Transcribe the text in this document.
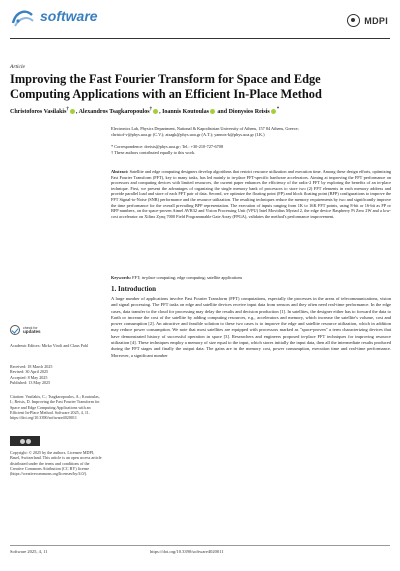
software	MDPI
Article
Improving the Fast Fourier Transform for Space and Edge Computing Applications with an Efficient In-Place Method
Christoforos Vasilakis† , Alexandros Tsagkaropoulos† , Ioannis Koutoulas and Dionysios Reisis *

Electronics Lab, Physics Department, National & Kapodistrian University of Athens, 157 84 Athens, Greece;

christof-v@phys.uoa.gr (C.V.); atsagk@phys.uoa.gr (A.T.); yannos-k@phys.uoa.gr (I.K.)

* Correspondence: dreisis@phys.uoa.gr; Tel.: +30-210-727-6708

† These authors contributed equally to this work.

Abstract: Satellite and edge computing designers develop algorithms that restrict resource utilization and execution time. Among these design efforts, optimizing Fast Fourier Transform (FFT), key to many tasks, has led mainly to in-place FFT-specific hardware accelerators. Aiming at improving the FFT performance on processors and computing devices with limited resources, the current paper enhances the efficiency of the radix-2 FFT by exploring the benefits of an in-place technique. First, we present the advantages of organizing the single memory bank of processors to store two (2) FFT elements in each memory address and provide parallel load and store of each FFT pair of data. Second, we optimize the floating point (FP) and block floating point (BFP) configurations to improve the FFT Signal-to-Noise (SNR) performance and the resource utilization. The resulting techniques reduce the memory requirements by two and significantly improve the time performance for the overall prevailing BFP representation. The execution of inputs ranging from 1K to 16K FFT points, using 8-bit or 16-bit as FP or BFP numbers, on the space-proven Atmel AVR32 and Vision Processing Unit (VPU) Intel Movidius Myriad 2, the edge device Raspberry Pi Zero 2W and a low-cost accelerator on Xilinx Zynq 7000 Field Programmable Gate Array (FPGA), validates the method's performance improvement.
Keywords: FFT; in-place computing; edge computing; satellite applications
1. Introduction
A large number of applications involve Fast Fourier Transform (FFT) computations, especially the processes in the areas of telecommunications, vision and signal processing. The FFT tasks on edge and satellite devices receive input data from sensors and they often need real-time performance. In the edge cases, data transfer to the cloud for processing may delay the results and decision production [1]. In satellites, the designer either has to forward the data to Earth or increase the cost of the satellite by adding computing resources, e.g., accelerators and memory, which increase the satellite's volume, cost and power consumption [2]. An attractive and feasible solution to these two cases is to improve the edge and satellite resource utilization, which in addition may reduce power consumption. We note that most satellites are equipped with processors marked as "space-proven" a term characterizing devices that have demonstrated history of successful operation in space [3]. Researchers and engineers proposed in-place FFT techniques for improving resource utilization [4]. These techniques employ a memory of size equal to the input, which stores initially the input data, then all the intermediate results produced during the FFT stages and finally the output data. The gains are in the memory cost, power consumption, execution time and real-time performance. Moreover, a significant number
check for
updates
Academic Editors: Mirko Viroli and Claus Pahl

Received: 18 March 2025

Revised: 30 April 2025

Accepted: 8 May 2025

Published: 13 May 2025

Citation: Vasilakis, C.; Tsagkaropoulos, A.; Koutoulas, I.; Reisis, D. Improving the Fast Fourier Transform for Space and Edge Computing Applications with an Efficient In-Place Method. Software 2025, 4, 11. https://doi.org/10.3390/software4020011
Copyright: © 2025 by the authors. Licensee MDPI, Basel, Switzerland. This article is an open access article distributed under the terms and conditions of the Creative Commons Attribution (CC BY) license (https://creativecommons.org/licenses/by/4.0/).
Software 2025, 4, 11	https://doi.org/10.3390/software4020011
